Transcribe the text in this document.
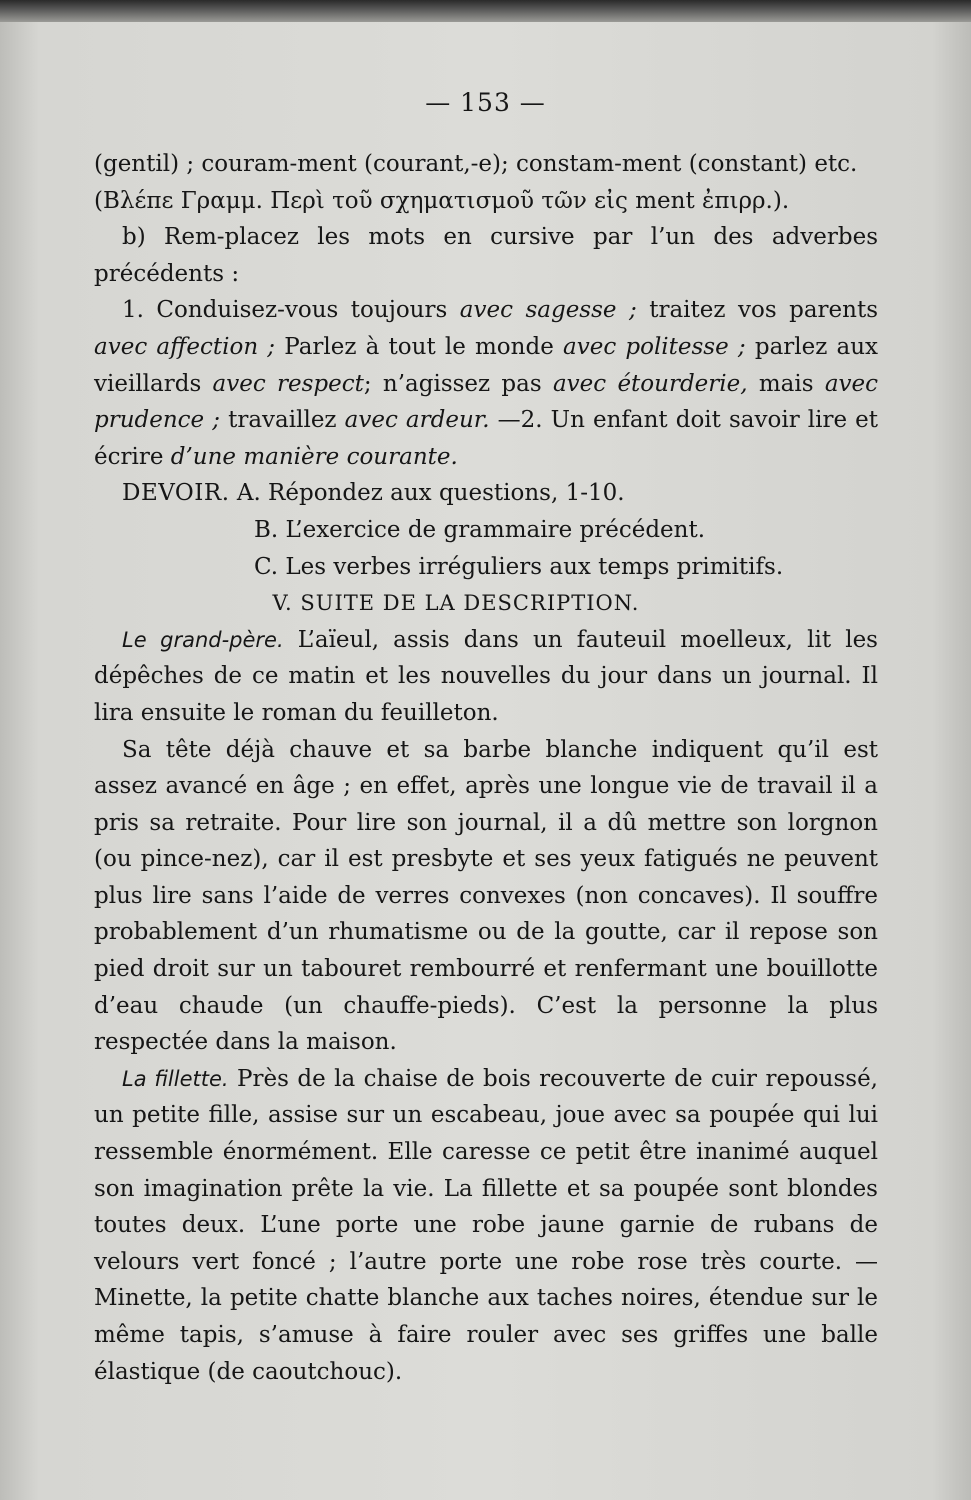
— 153 —

(gentil) ; couram-ment (courant,-e); constam-ment (constant) etc.

(Βλέπε Γραμμ. Περὶ τοῦ σχηματισμοῦ τῶν εἰς ment ἐπιρρ.).

b) Rem-placez les mots en cursive par l’un des adverbes précédents :

1. Conduisez-vous toujours avec sagesse ; traitez vos parents avec affection ; Parlez à tout le monde avec politesse ; parlez aux vieillards avec respect; n’agissez pas avec étourderie, mais avec prudence ; travaillez avec ardeur. —2. Un enfant doit savoir lire et écrire d’une manière courante.

DEVOIR. A. Répondez aux questions, 1-10.

B. L’exercice de grammaire précédent.

C. Les verbes irréguliers aux temps primitifs.

V. SUITE DE LA DESCRIPTION.

Le grand-père. L’aïeul, assis dans un fauteuil moelleux, lit les dépêches de ce matin et les nouvelles du jour dans un journal. Il lira ensuite le roman du feuilleton.

Sa tête déjà chauve et sa barbe blanche indiquent qu’il est assez avancé en âge ; en effet, après une longue vie de travail il a pris sa retraite. Pour lire son journal, il a dû mettre son lorgnon (ou pince-nez), car il est presbyte et ses yeux fatigués ne peuvent plus lire sans l’aide de verres convexes (non concaves). Il souffre probablement d’un rhumatisme ou de la goutte, car il repose son pied droit sur un tabouret rembourré et renfermant une bouillotte d’eau chaude (un chauffe-pieds). C’est la personne la plus respectée dans la maison.

La fillette. Près de la chaise de bois recouverte de cuir repoussé, un petite fille, assise sur un escabeau, joue avec sa poupée qui lui ressemble énormément. Elle caresse ce petit être inanimé auquel son imagination prête la vie. La fillette et sa poupée sont blondes toutes deux. L’une porte une robe jaune garnie de rubans de velours vert foncé ; l’autre porte une robe rose très courte. —Minette, la petite chatte blanche aux taches noires, étendue sur le même tapis, s’amuse à faire rouler avec ses griffes une balle élastique (de caoutchouc).
